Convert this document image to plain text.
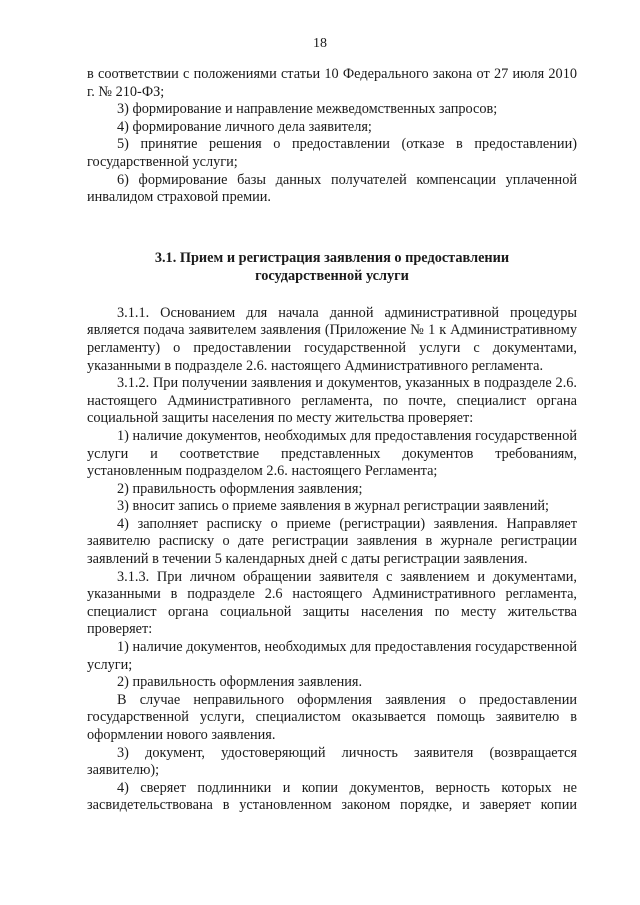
18

в соответствии с положениями статьи 10 Федерального закона от 27 июля 2010 г. № 210-ФЗ;

3) формирование и направление межведомственных запросов;

4) формирование личного дела заявителя;

5) принятие решения о предоставлении (отказе в предоставлении) государственной услуги;

6) формирование базы данных получателей компенсации уплаченной инвалидом страховой премии.

3.1. Прием и регистрация заявления о предоставлении
государственной услуги

3.1.1. Основанием для начала данной административной процедуры является подача заявителем заявления (Приложение № 1 к Административному регламенту) о предоставлении государственной услуги с документами, указанными в подразделе 2.6. настоящего Административного регламента.

3.1.2. При получении заявления и документов, указанных в подразделе 2.6. настоящего Административного регламента, по почте, специалист органа социальной защиты населения по месту жительства проверяет:

1) наличие документов, необходимых для предоставления государственной услуги и соответствие представленных документов требованиям, установленным подразделом 2.6. настоящего Регламента;

2) правильность оформления заявления;

3) вносит запись о приеме заявления в журнал регистрации заявлений;

4) заполняет расписку о приеме (регистрации) заявления. Направляет заявителю расписку о дате регистрации заявления в журнале регистрации заявлений в течении 5 календарных дней с даты регистрации заявления.

3.1.3. При личном обращении заявителя с заявлением и документами, указанными в подразделе 2.6 настоящего Административного регламента, специалист органа социальной защиты населения по месту жительства проверяет:

1) наличие документов, необходимых для предоставления государственной услуги;

2) правильность оформления заявления.

В случае неправильного оформления заявления о предоставлении государственной услуги, специалистом оказывается помощь заявителю в оформлении нового заявления.

3) документ, удостоверяющий личность заявителя (возвращается заявителю);

4) сверяет подлинники и копии документов, верность которых не засвидетельствована в установленном законом порядке, и заверяет копии
